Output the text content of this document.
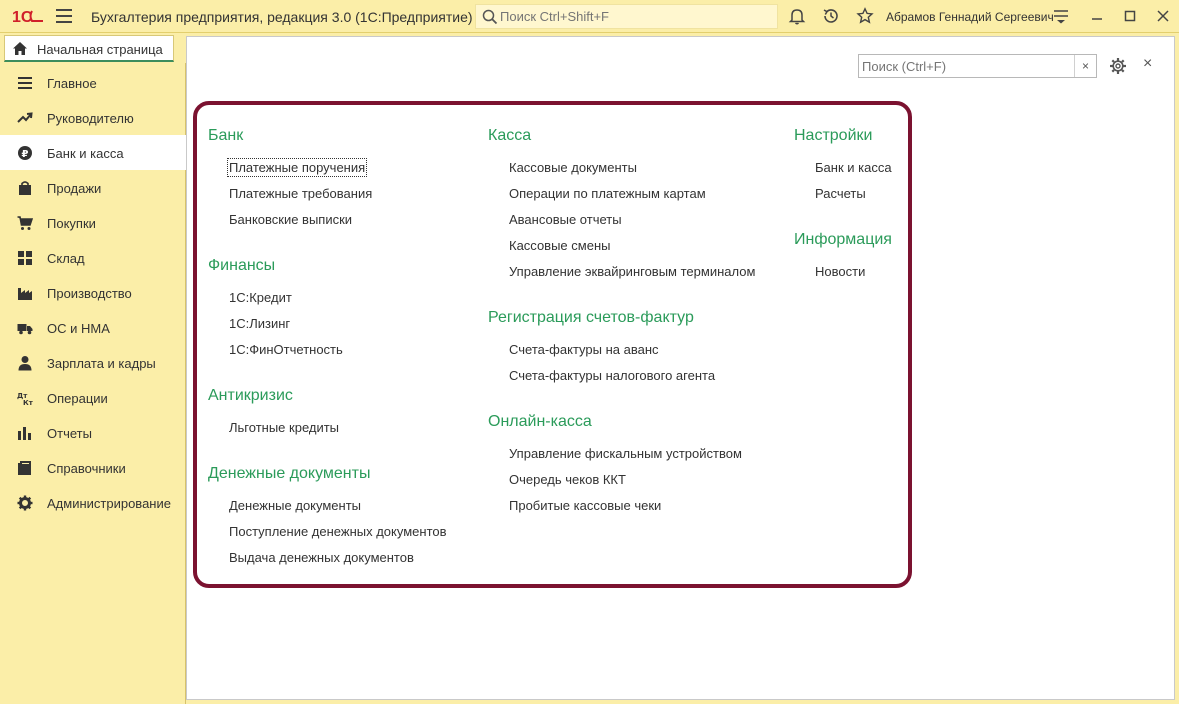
1C	Бухгалтерия предприятия, редакция 3.0 (1С:Предприятие)
Поиск Ctrl+Shift+F	Абрамов Геннадий Сергеевич
Начальная страница
Главное
Руководителю
₽ Банк и касса
Продажи
Покупки
Склад
Производство
ОС и НМА
Зарплата и кадры
Дт
Кт Операции
Отчеты
Справочники
Администрирование
Поиск (Ctrl+F)
×	×
Банк
Платежные поручения
Платежные требования
Банковские выписки
Финансы
1С:Кредит
1С:Лизинг
1С:ФинОтчетность
Антикризис
Льготные кредиты
Денежные документы
Денежные документы
Поступление денежных документов
Выдача денежных документов
Касса
Кассовые документы
Операции по платежным картам
Авансовые отчеты
Кассовые смены
Управление эквайринговым терминалом
Регистрация счетов-фактур
Счета-фактуры на аванс
Счета-фактуры налогового агента
Онлайн-касса
Управление фискальным устройством
Очередь чеков ККТ
Пробитые кассовые чеки
Настройки
Банк и касса
Расчеты
Информация
Новости
